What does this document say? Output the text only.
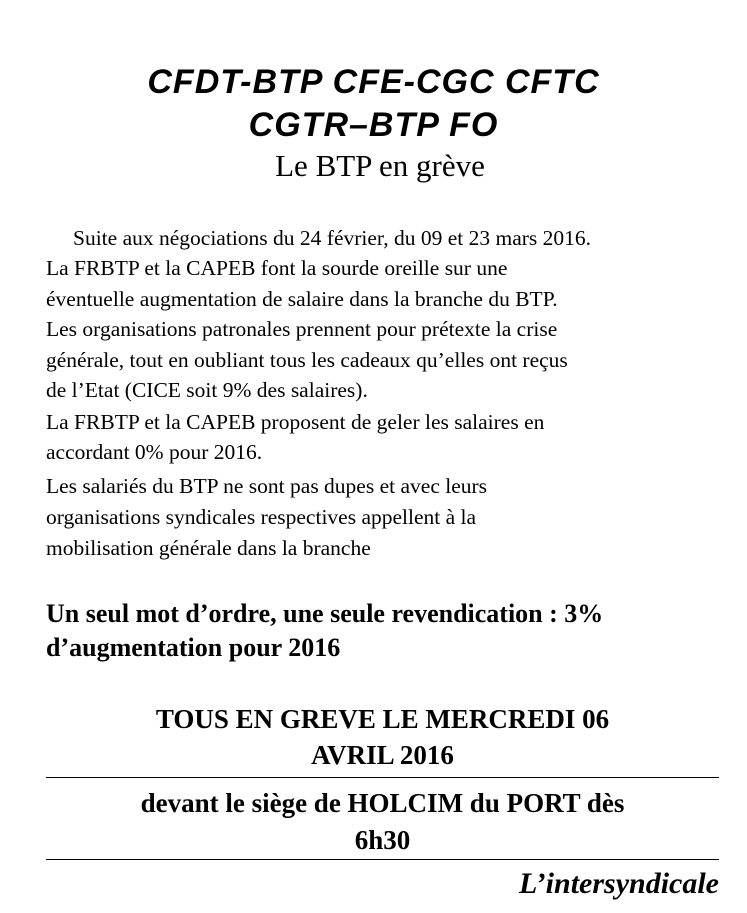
CFDT-BTP CFE-CGC CFTC
CGTR–BTP FO
Le BTP en grève
Suite aux négociations du 24 février, du 09 et 23 mars 2016.
La FRBTP et la CAPEB font la sourde oreille sur une
éventuelle augmentation de salaire dans la branche du BTP.
Les organisations patronales prennent pour prétexte la crise
générale, tout en oubliant tous les cadeaux qu’elles ont reçus
de l’Etat (CICE soit 9% des salaires).
La FRBTP et la CAPEB proposent de geler les salaires en
accordant 0% pour 2016.
Les salariés du BTP ne sont pas dupes et avec leurs
organisations syndicales respectives appellent à la
mobilisation générale dans la branche
Un seul mot d’ordre, une seule revendication : 3%
d’augmentation pour 2016
TOUS EN GREVE LE MERCREDI 06
AVRIL 2016
devant le siège de HOLCIM du PORT dès
6h30
L’intersyndicale
